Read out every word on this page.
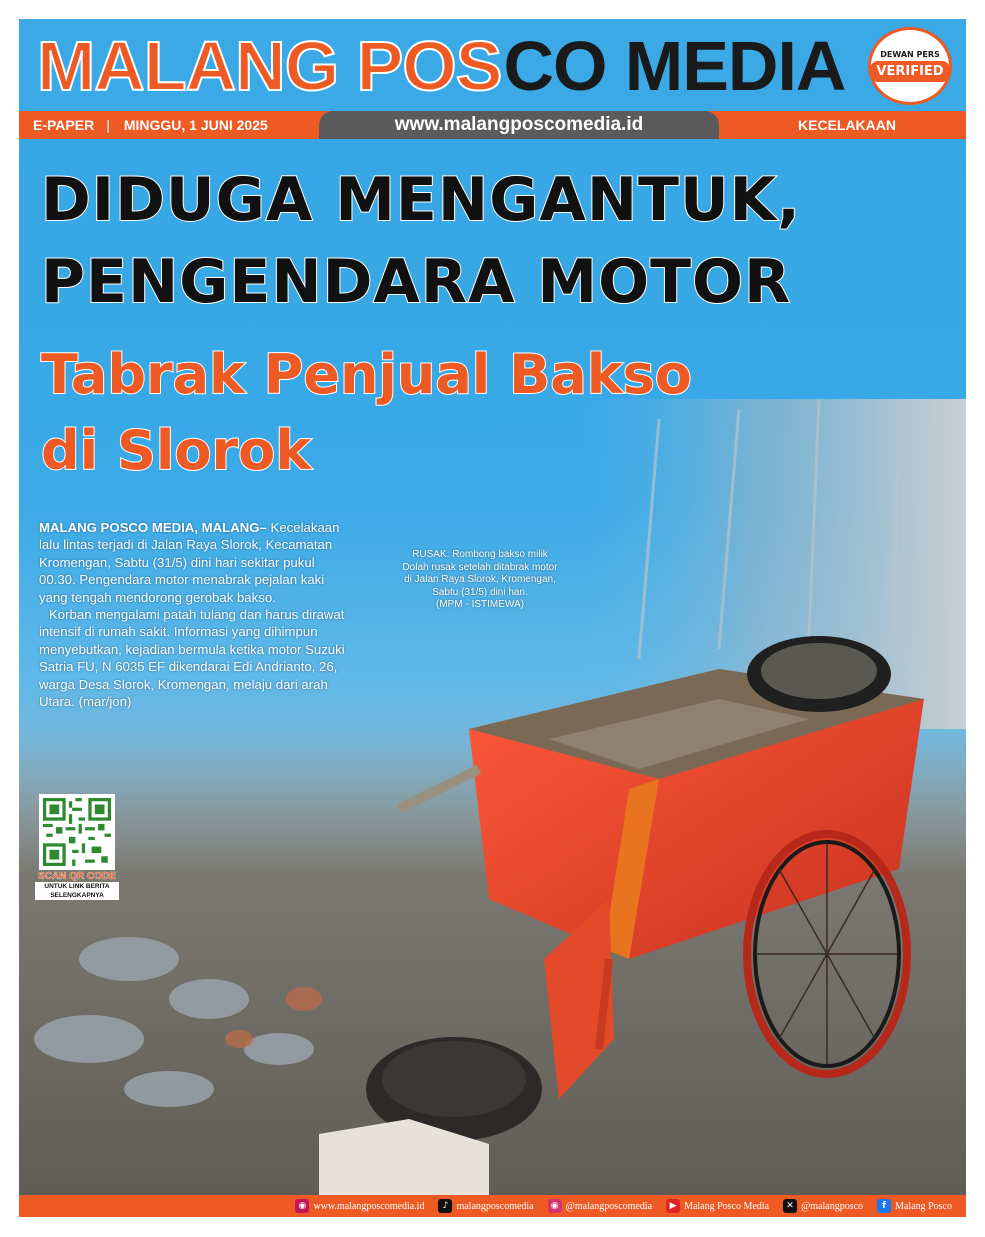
MALANG POS CO MEDIA	DEWAN PERS
VERIFIED
E-PAPER | MINGGU, 1 JUNI 2025	www.malangposcomedia.id	KECELAKAAN
DIDUGA MENGANTUK,
PENGENDARA MOTOR
Tabrak Penjual Bakso
di Slorok

MALANG POSCO MEDIA, MALANG– Kecelakaan lalu lintas terjadi di Jalan Raya Slorok, Kecamatan Kromengan, Sabtu (31/5) dini hari sekitar pukul 00.30. Pengendara motor menabrak pejalan kaki yang tengah mendorong gerobak bakso.

Korban mengalami patah tulang dan harus dirawat intensif di rumah sakit. Informasi yang dihimpun menyebutkan, kejadian bermula ketika motor Suzuki Satria FU, N 6035 EF dikendarai Edi Andrianto, 26, warga Desa Slorok, Kromengan, melaju dari arah Utara. (mar/jon)

RUSAK: Rombong bakso milik
Dolah rusak setelah ditabrak motor
di Jalan Raya Slorok, Kromengan,
Sabtu (31/5) dini hari.
(MPM - ISTIMEWA)
SCAN QR CODE
UNTUK LINK BERITA
SELENGKAPNYA
◉ www.malangposcomedia.id	♪ malangposcomedia	◉ @malangposcomedia	▶ Malang Posco Media	✕ @malangposco	f Malang Posco
